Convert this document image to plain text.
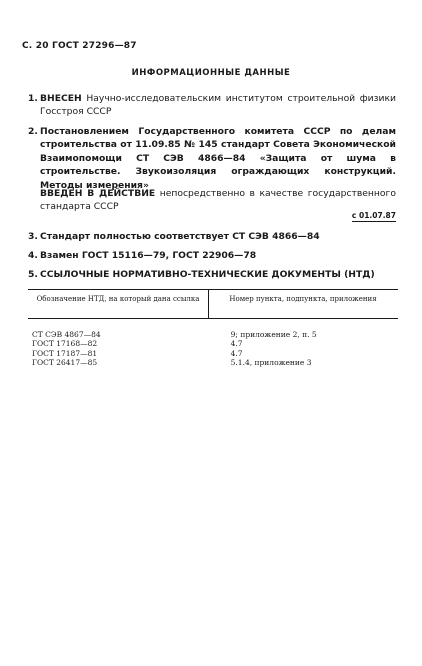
С. 20 ГОСТ 27296—87
ИНФОРМАЦИОННЫЕ ДАННЫЕ
1. ВНЕСЕН Научно-исследовательским институтом строительной физики Госстроя СССР
2. Постановлением Государственного комитета СССР по делам строительства от 11.09.85 № 145 стандарт Совета Экономической Взаимопомощи СТ СЭВ 4866—84 «Защита от шума в строительстве. Звукоизоляция ограждающих конструкций. Методы измерения»
ВВЕДЕН В ДЕЙСТВИЕ непосредственно в качестве государственного стандарта СССР
с 01.07.87
3. Стандарт полностью соответствует СТ СЭВ 4866—84
4. Взамен ГОСТ 15116—79, ГОСТ 22906—78
5. ССЫЛОЧНЫЕ НОРМАТИВНО-ТЕХНИЧЕСКИЕ ДОКУМЕНТЫ (НТД)
Обозначение НТД, на который дана ссылка	Номер пункта, подпункта, приложения
СТ СЭВ 4867—84	9; приложение 2, п. 5
ГОСТ 17168—82	4.7
ГОСТ 17187—81	4.7
ГОСТ 26417—85	5.1.4, приложение 3
